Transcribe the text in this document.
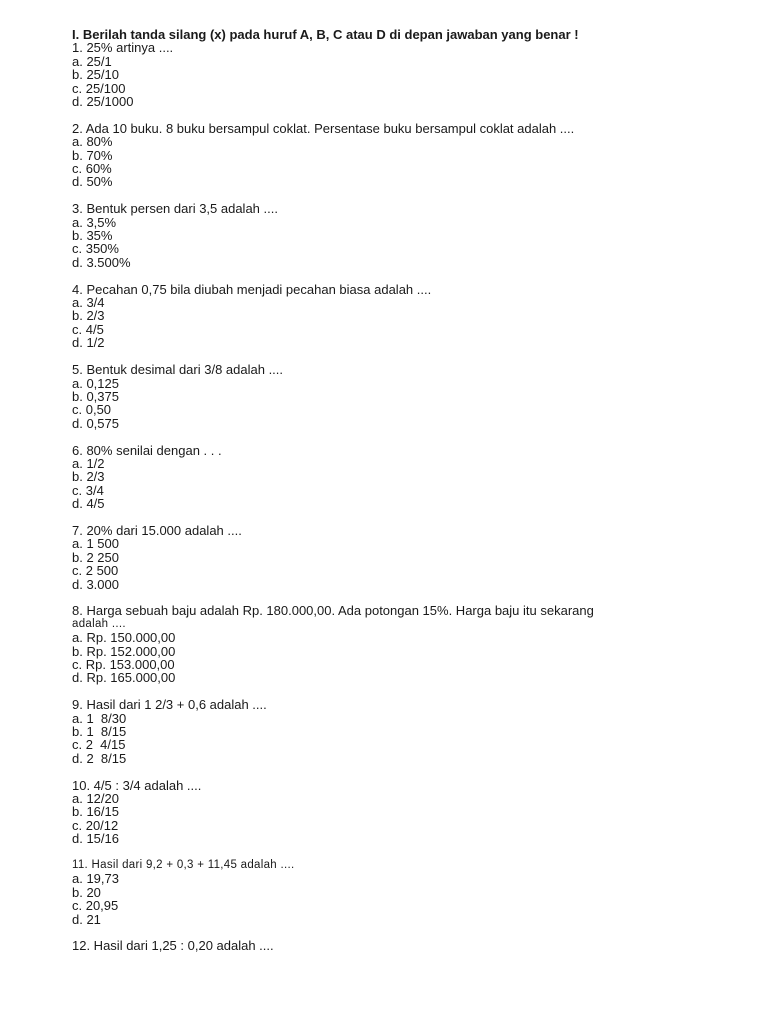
I. Berilah tanda silang (x) pada huruf A, B, C atau D di depan jawaban yang benar !
1. 25% artinya ....
a. 25/1
b. 25/10
c. 25/100
d. 25/1000
2. Ada 10 buku. 8 buku bersampul coklat. Persentase buku bersampul coklat adalah ....
a. 80%
b. 70%
c. 60%
d. 50%
3. Bentuk persen dari 3,5 adalah ....
a. 3,5%
b. 35%
c. 350%
d. 3.500%
4. Pecahan 0,75 bila diubah menjadi pecahan biasa adalah ....
a. 3/4
b. 2/3
c. 4/5
d. 1/2
5. Bentuk desimal dari 3/8 adalah ....
a. 0,125
b. 0,375
c. 0,50
d. 0,575
6. 80% senilai dengan . . .
a. 1/2
b. 2/3
c. 3/4
d. 4/5
7. 20% dari 15.000 adalah ....
a. 1 500
b. 2 250
c. 2 500
d. 3.000
8. Harga sebuah baju adalah Rp. 180.000,00. Ada potongan 15%. Harga baju itu sekarang
adalah ....
a. Rp. 150.000,00
b. Rp. 152.000,00
c. Rp. 153.000,00
d. Rp. 165.000,00
9. Hasil dari 1 2/3 + 0,6 adalah ....
a. 1  8/30
b. 1  8/15
c. 2  4/15
d. 2  8/15
10. 4/5 : 3/4 adalah ....
a. 12/20
b. 16/15
c. 20/12
d. 15/16
11. Hasil dari 9,2 + 0,3 + 11,45 adalah ....
a. 19,73
b. 20
c. 20,95
d. 21
12. Hasil dari 1,25 : 0,20 adalah ....
